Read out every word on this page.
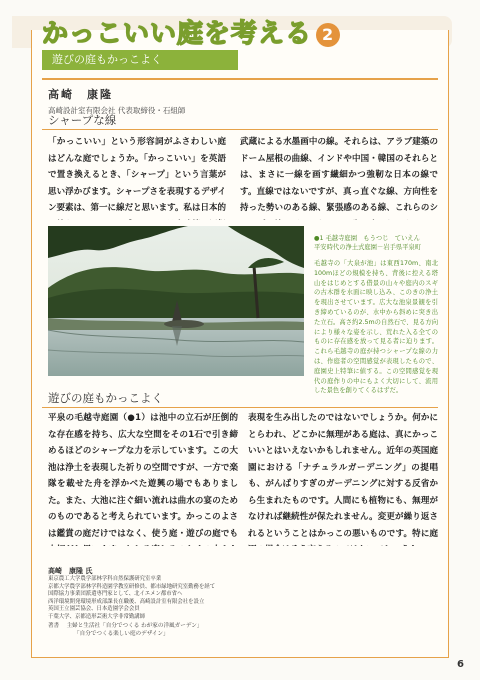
かっこいい庭を考える 2
遊びの庭もかっこよく
高崎　康隆
高崎設計室有限会社 代表取締役・石組師
シャープな線
「かっこいい」という形容詞がふさわしい庭はどんな庭でしょうか。「かっこいい」を英語で置き換えるとき、「シャープ」という言葉が思い浮かびます。シャープさを表現するデザイン要素は、第一に線だと思います。私は日本的
武蔵による水墨画中の線。それらは、アラブ建築のドーム屋根の曲線、インドや中国・韓国のそれらとは、まさに一線を画す繊細かつ強靭な日本の線です。直線ではないですが、真っ直ぐな線、方向性を持った勢いのある線、緊張感のある線、これらのシ
●1 毛越寺庭園　もうつじ　ていえん
平安時代の浄土式庭園－岩手県平泉町
毛越寺の「大泉が池」は東西170m、南北100mほどの規模を持ち、背後に控える塔山をはじめとする借景の山々や庭内のスギの古木群を水面に映し込み、このきの浄土を現出させています。広大な池泉景観を引き締めているのが、水中から斜めに突き出た立石。高さ約2.5mの自然石で、見る方向により様々な姿を示し、荒れた入る全てのものに存在感を放って見る者に迫ります。これら毛越寺の庭が持つシャープな線の力は、作庭者の空間感覚が表現したもので、庭園史上特筆に値する。この空間感覚を現代の庭作りの中にもよく大切にして、流用した景色を創りてくるはずだ。
遊びの庭もかっこよく
平泉の毛越寺庭園（●1）は池中の立石が圧倒的な存在感を持ち、広大な空間をその1石で引き締めるほどのシャープな力を示しています。この大池は浄土を表現した祈りの空間ですが、一方で楽隊を載せた舟を浮かべた遊興の場でもありました。また、大池に注ぐ細い流れは曲水の宴のためのものであると考えられています。かっこのよさは鑑賞の庭だけではなく、使う庭・遊びの庭でも
表現を生み出したのではないでしょうか。何かにとらわれ、どこかに無理がある庭は、真にかっこいいとはいえないかもしれません。近年の英国庭園における「ナチュラルガーデニング」の提唱も、がんばりすぎのガーデニングに対する反省から生まれたものです。人間にも植物にも、無理がなければ継続性が保たれません。変更が繰り返されるということはかっこの悪いものです。特に庭
高崎　康隆 氏
東京農工大学農学部林学科自然保護研究室卒業
京都大学農学部林学科造園学教室研修員、都市緑地研究室勤務を経て
国際協力事業団派遣専門家として、北イエメン都市省へ
西洋環境開発環境形成部課長在職後、高崎設計室有限会社を設立
英国王立園芸協会、日本造園学会会員
千葉大学、京都造形芸術大学非常勤講師
著書　 主婦と生活社「自分でつくる わが家の洋風ガーデン」
「自分でつくる楽しい庭のデザイン」
6
